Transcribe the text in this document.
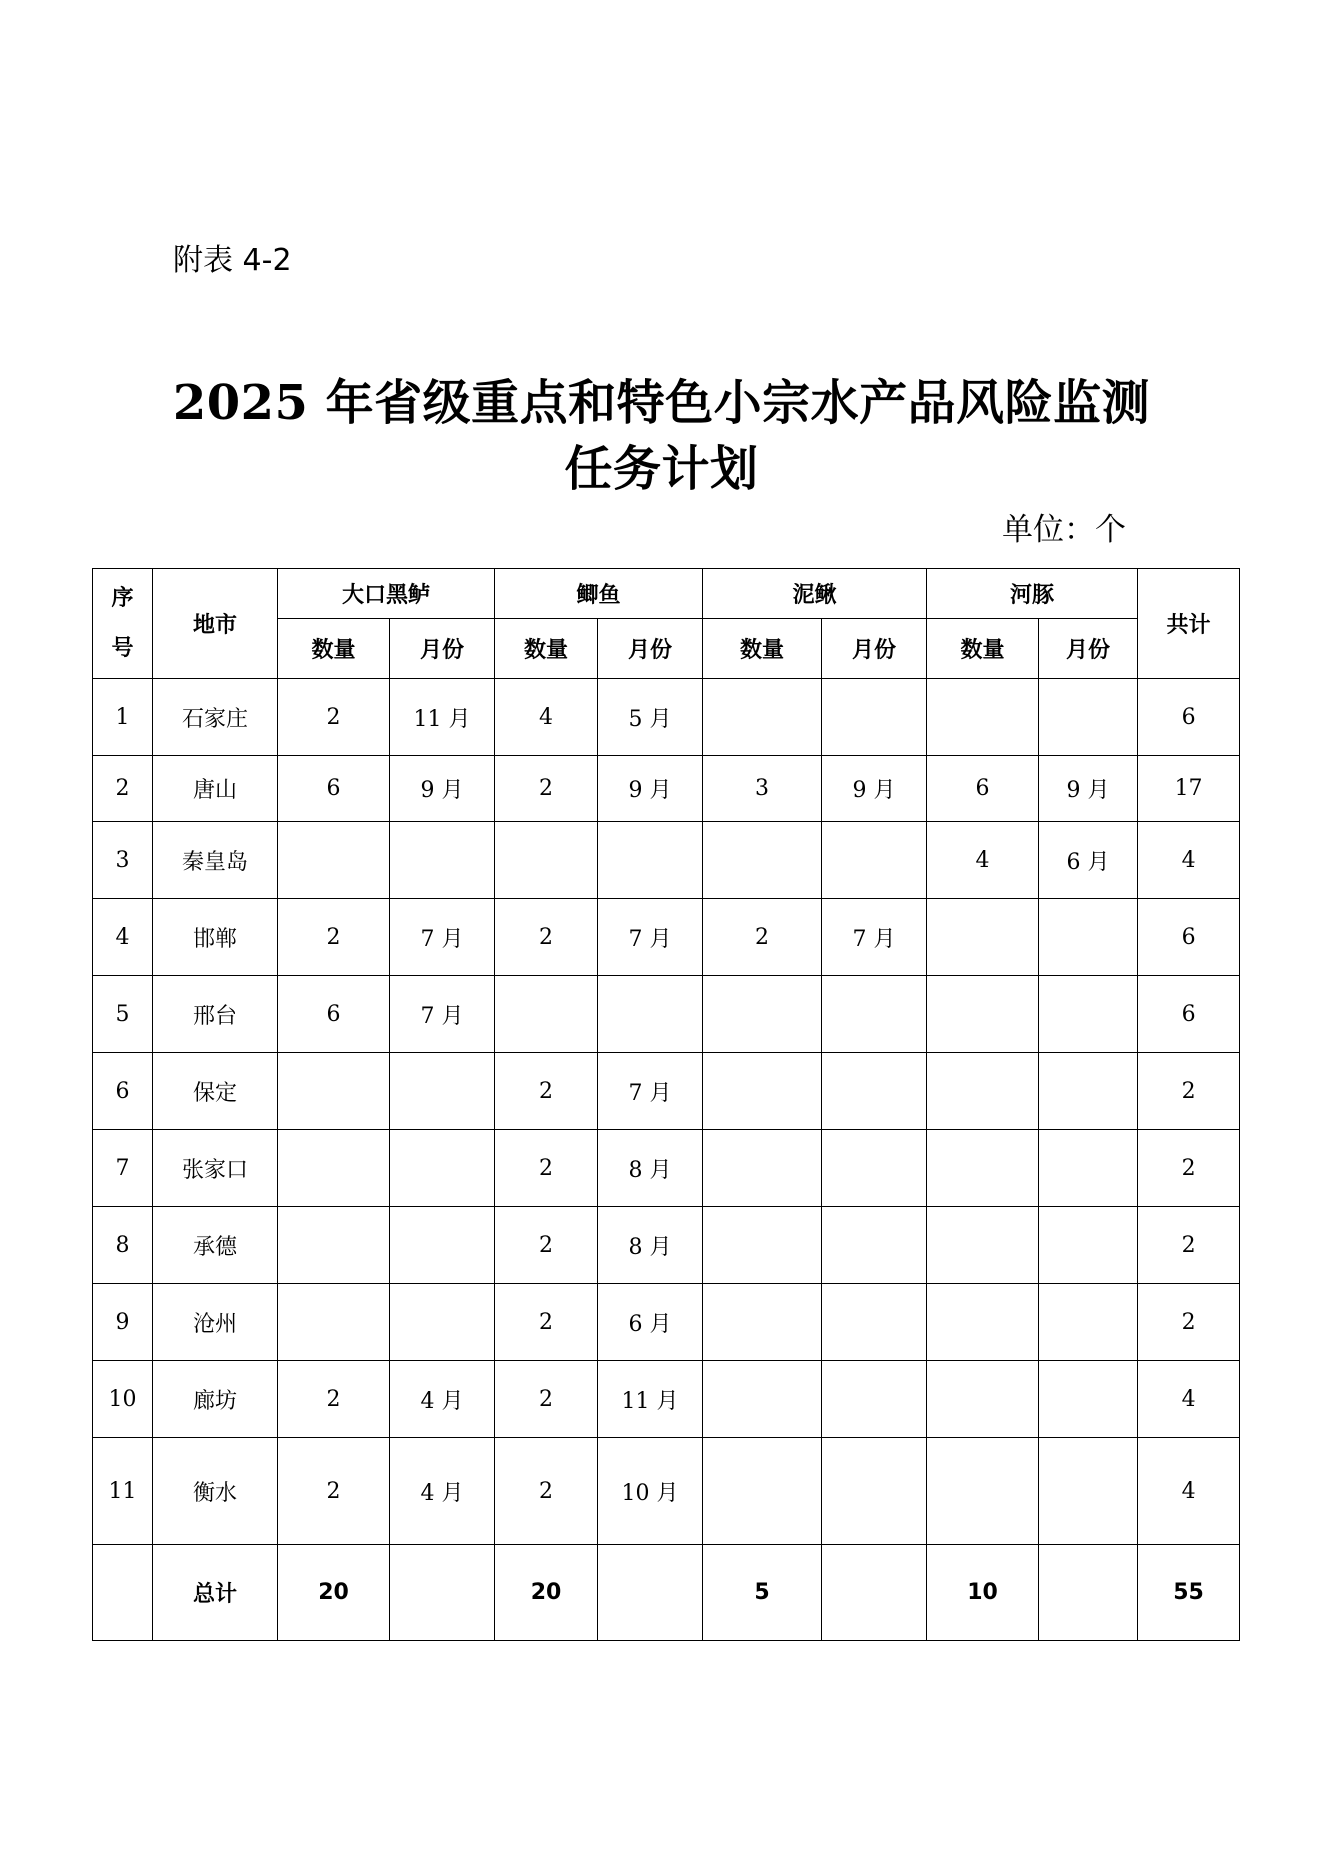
附表 4-2
2025 年省级重点和特色小宗水产品风险监测
任务计划
单位：个
序
号	地市	大口黑鲈		鲫鱼		泥鳅		河豚		共计
		数量	月份	数量	月份	数量	月份	数量	月份	
1	石家庄	2	11 月	4	5 月					6
2	唐山	6	9 月	2	9 月	3	9 月	6	9 月	17
3	秦皇岛							4	6 月	4
4	邯郸	2	7 月	2	7 月	2	7 月			6
5	邢台	6	7 月							6
6	保定			2	7 月					2
7	张家口			2	8 月					2
8	承德			2	8 月					2
9	沧州			2	6 月					2
10	廊坊	2	4 月	2	11 月					4
11	衡水	2	4 月	2	10 月					4
	总计	20		20		5		10		55
